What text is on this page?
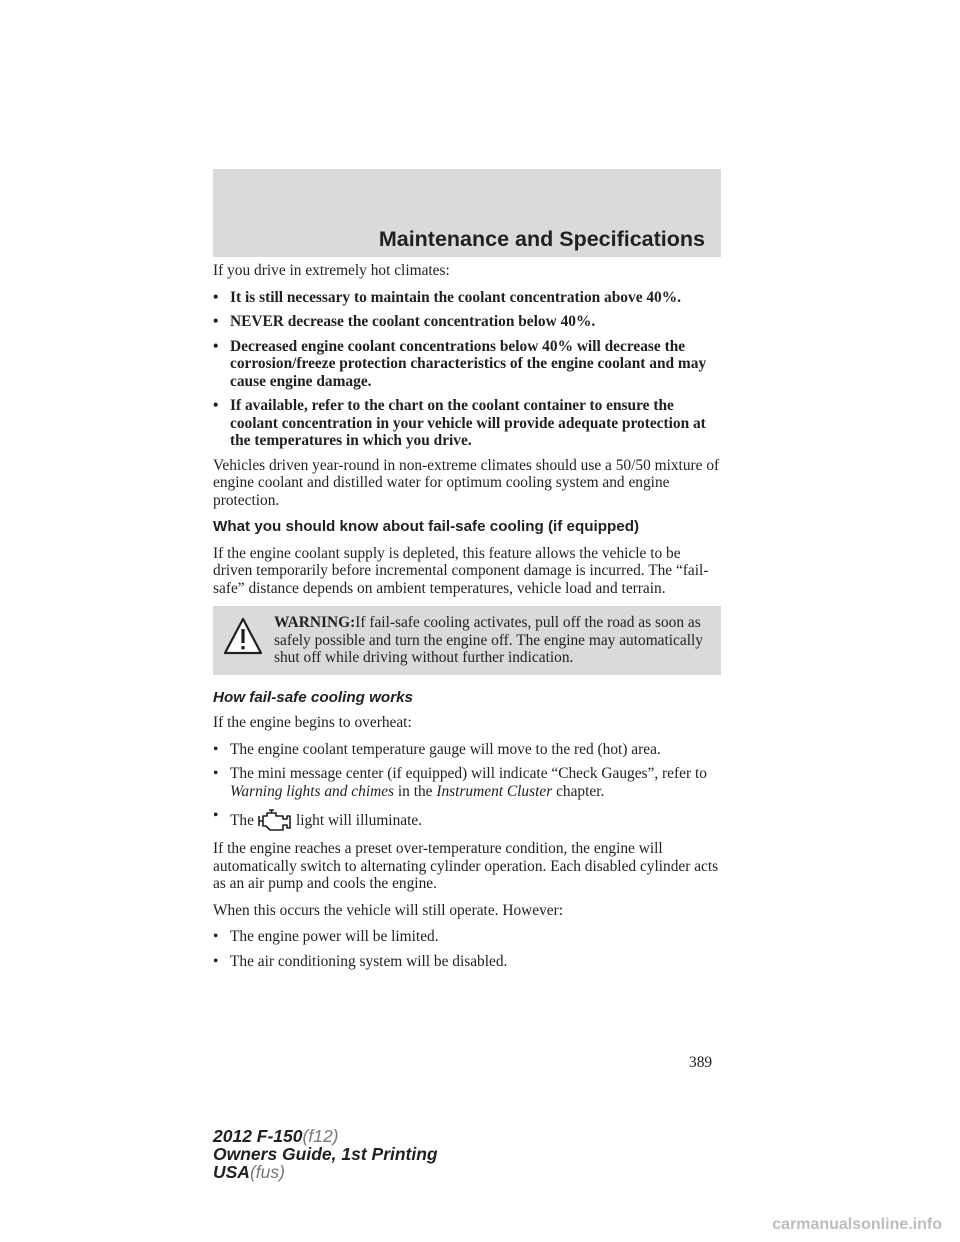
Maintenance and Specifications

If you drive in extremely hot climates:

• It is still necessary to maintain the coolant concentration above 40%.
• NEVER decrease the coolant concentration below 40%.
• Decreased engine coolant concentrations below 40% will decrease the corrosion/freeze protection characteristics of the engine coolant and may cause engine damage.
• If available, refer to the chart on the coolant container to ensure the coolant concentration in your vehicle will provide adequate protection at the temperatures in which you drive.

Vehicles driven year-round in non-extreme climates should use a 50/50 mixture of engine coolant and distilled water for optimum cooling system and engine protection.

What you should know about fail-safe cooling (if equipped)

If the engine coolant supply is depleted, this feature allows the vehicle to be driven temporarily before incremental component damage is incurred. The “fail-safe” distance depends on ambient temperatures, vehicle load and terrain.

WARNING:If fail-safe cooling activates, pull off the road as soon as safely possible and turn the engine off. The engine may automatically shut off while driving without further indication.

How fail-safe cooling works

If the engine begins to overheat:

• The engine coolant temperature gauge will move to the red (hot) area.
• The mini message center (if equipped) will indicate “Check Gauges”, refer to Warning lights and chimes in the Instrument Cluster chapter.
• The	light will illuminate.

If the engine reaches a preset over-temperature condition, the engine will automatically switch to alternating cylinder operation. Each disabled cylinder acts as an air pump and cools the engine.

When this occurs the vehicle will still operate. However:

• The engine power will be limited.
• The air conditioning system will be disabled.
389
2012 F-150(f12)
Owners Guide, 1st Printing
USA(fus)
carmanualsonline.info
